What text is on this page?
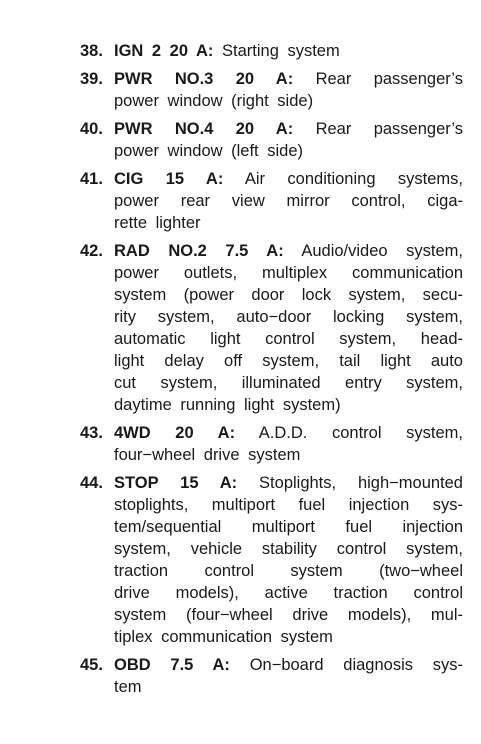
38. IGN 2 20 A: Starting system
39. PWR NO.3 20 A: Rear passenger’s
power window (right side)
40. PWR NO.4 20 A: Rear passenger’s
power window (left side)
41. CIG 15 A: Air conditioning systems,
power rear view mirror control, ciga-
rette lighter
42. RAD NO.2 7.5 A: Audio/video system,
power outlets, multiplex communication
system (power door lock system, secu-
rity system, auto−door locking system,
automatic light control system, head-
light delay off system, tail light auto
cut system, illuminated entry system,
daytime running light system)
43. 4WD 20 A: A.D.D. control system,
four−wheel drive system
44. STOP 15 A: Stoplights, high−mounted
stoplights, multiport fuel injection sys-
tem/sequential multiport fuel injection
system, vehicle stability control system,
traction control system (two−wheel
drive models), active traction control
system (four−wheel drive models), mul-
tiplex communication system
45. OBD 7.5 A: On−board diagnosis sys-
tem
